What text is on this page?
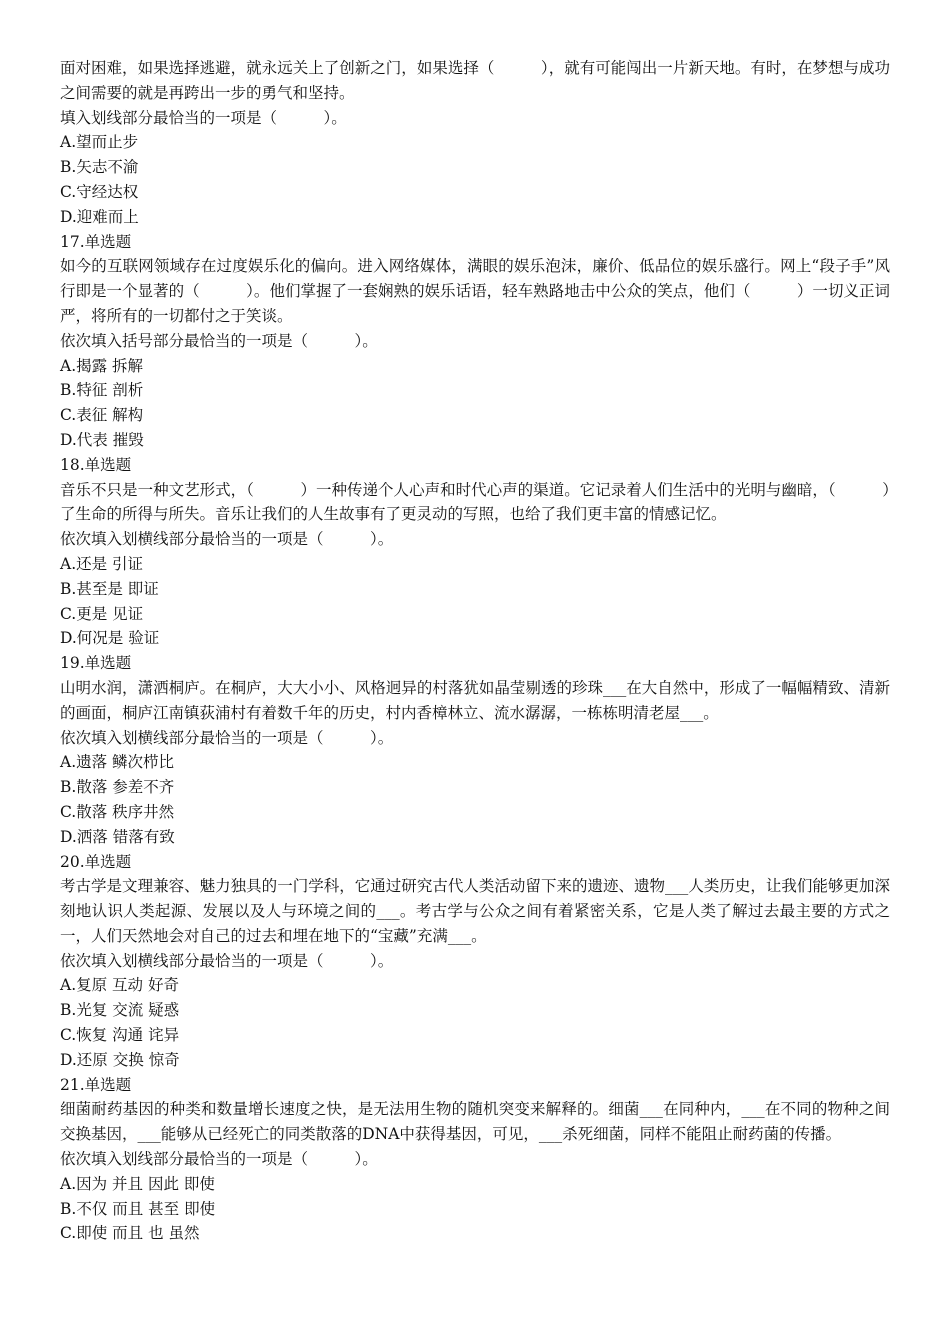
面对困难，如果选择逃避，就永远关上了创新之门，如果选择（　　　），就有可能闯出一片新天地。有时，在梦想与成功之间需要的就是再跨出一步的勇气和坚持。

填入划线部分最恰当的一项是（　　　）。

A.望而止步

B.矢志不渝

C.守经达权

D.迎难而上

17.单选题

如今的互联网领域存在过度娱乐化的偏向。进入网络媒体，满眼的娱乐泡沫，廉价、低品位的娱乐盛行。网上“段子手”风行即是一个显著的（　　　）。他们掌握了一套娴熟的娱乐话语，轻车熟路地击中公众的笑点，他们（　　　）一切义正词严，将所有的一切都付之于笑谈。

依次填入括号部分最恰当的一项是（　　　）。

A.揭露 拆解

B.特征 剖析

C.表征 解构

D.代表 摧毁

18.单选题

音乐不只是一种文艺形式，（　　　）一种传递个人心声和时代心声的渠道。它记录着人们生活中的光明与幽暗，（　　　）了生命的所得与所失。音乐让我们的人生故事有了更灵动的写照，也给了我们更丰富的情感记忆。

依次填入划横线部分最恰当的一项是（　　　）。

A.还是 引证

B.甚至是 即证

C.更是 见证

D.何况是 验证

19.单选题

山明水润，潇洒桐庐。在桐庐，大大小小、风格迥异的村落犹如晶莹剔透的珍珠___在大自然中，形成了一幅幅精致、清新的画面，桐庐江南镇荻浦村有着数千年的历史，村内香樟林立、流水潺潺，一栋栋明清老屋___。

依次填入划横线部分最恰当的一项是（　　　）。

A.遗落 鳞次栉比

B.散落 参差不齐

C.散落 秩序井然

D.洒落 错落有致

20.单选题

考古学是文理兼容、魅力独具的一门学科，它通过研究古代人类活动留下来的遗迹、遗物___人类历史，让我们能够更加深刻地认识人类起源、发展以及人与环境之间的___。考古学与公众之间有着紧密关系，它是人类了解过去最主要的方式之一，人们天然地会对自己的过去和埋在地下的“宝藏”充满___。

依次填入划横线部分最恰当的一项是（　　　）。

A.复原 互动 好奇

B.光复 交流 疑惑

C.恢复 沟通 诧异

D.还原 交换 惊奇

21.单选题

细菌耐药基因的种类和数量增长速度之快，是无法用生物的随机突变来解释的。细菌___在同种内，___在不同的物种之间交换基因，___能够从已经死亡的同类散落的DNA中获得基因，可见，___杀死细菌，同样不能阻止耐药菌的传播。

依次填入划线部分最恰当的一项是（　　　）。

A.因为 并且 因此 即使

B.不仅 而且 甚至 即使

C.即使 而且 也 虽然
